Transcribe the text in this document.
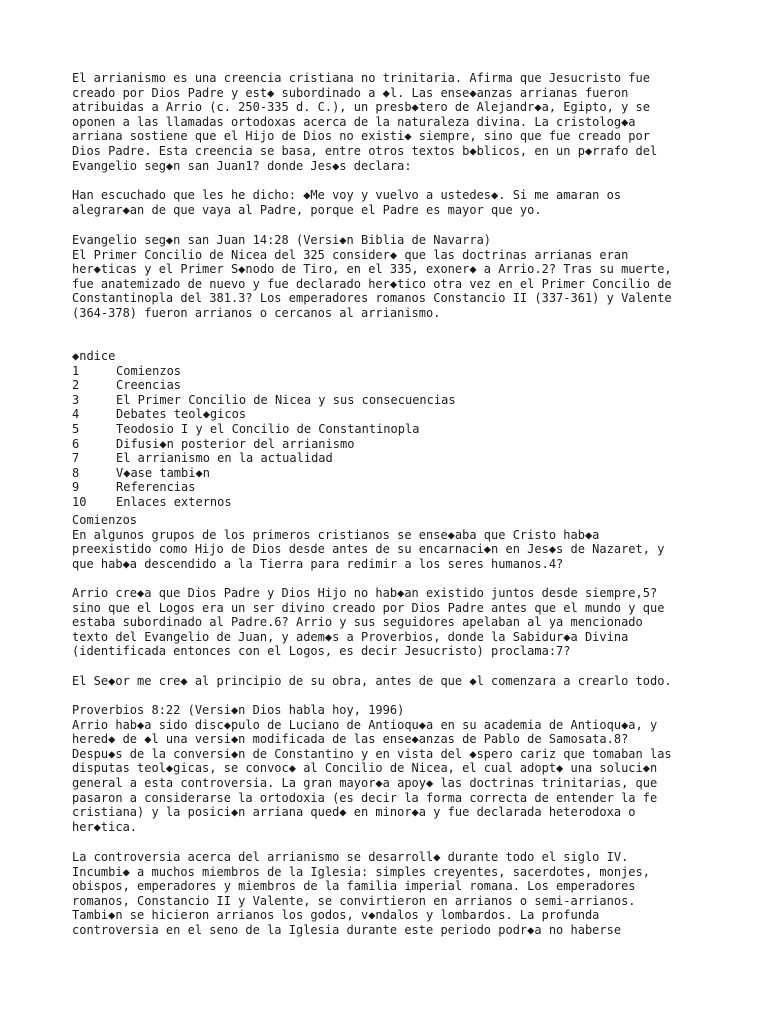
El arrianismo es una creencia cristiana no trinitaria. Afirma que Jesucristo fue
creado por Dios Padre y est◆ subordinado a ◆l. Las ense◆anzas arrianas fueron
atribuidas a Arrio (c. 250-335 d. C.), un presb◆tero de Alejandr◆a, Egipto, y se
oponen a las llamadas ortodoxas acerca de la naturaleza divina. La cristolog◆a
arriana sostiene que el Hijo de Dios no existi◆ siempre, sino que fue creado por
Dios Padre. Esta creencia se basa, entre otros textos b◆blicos, en un p◆rrafo del
Evangelio seg◆n san Juan1? donde Jes◆s declara:
Han escuchado que les he dicho: ◆Me voy y vuelvo a ustedes◆. Si me amaran os
alegrar◆an de que vaya al Padre, porque el Padre es mayor que yo.
Evangelio seg◆n san Juan 14:28 (Versi◆n Biblia de Navarra)
El Primer Concilio de Nicea del 325 consider◆ que las doctrinas arrianas eran
her◆ticas y el Primer S◆nodo de Tiro, en el 335, exoner◆ a Arrio.2? Tras su muerte,
fue anatemizado de nuevo y fue declarado her◆tico otra vez en el Primer Concilio de
Constantinopla del 381.3? Los emperadores romanos Constancio II (337-361) y Valente
(364-378) fueron arrianos o cercanos al arrianismo.
◆ndice
1	Comienzos
2	Creencias
3	El Primer Concilio de Nicea y sus consecuencias
4	Debates teol◆gicos
5	Teodosio I y el Concilio de Constantinopla
6	Difusi◆n posterior del arrianismo
7	El arrianismo en la actualidad
8	V◆ase tambi◆n
9	Referencias
10 Enlaces externos
Comienzos
En algunos grupos de los primeros cristianos se ense◆aba que Cristo hab◆a
preexistido como Hijo de Dios desde antes de su encarnaci◆n en Jes◆s de Nazaret, y
que hab◆a descendido a la Tierra para redimir a los seres humanos.4?
Arrio cre◆a que Dios Padre y Dios Hijo no hab◆an existido juntos desde siempre,5?
sino que el Logos era un ser divino creado por Dios Padre antes que el mundo y que
estaba subordinado al Padre.6? Arrio y sus seguidores apelaban al ya mencionado
texto del Evangelio de Juan, y adem◆s a Proverbios, donde la Sabidur◆a Divina
(identificada entonces con el Logos, es decir Jesucristo) proclama:7?
El Se◆or me cre◆ al principio de su obra, antes de que ◆l comenzara a crearlo todo.
Proverbios 8:22 (Versi◆n Dios habla hoy, 1996)
Arrio hab◆a sido disc◆pulo de Luciano de Antioqu◆a en su academia de Antioqu◆a, y
hered◆ de ◆l una versi◆n modificada de las ense◆anzas de Pablo de Samosata.8?
Despu◆s de la conversi◆n de Constantino y en vista del ◆spero cariz que tomaban las
disputas teol◆gicas, se convoc◆ al Concilio de Nicea, el cual adopt◆ una soluci◆n
general a esta controversia. La gran mayor◆a apoy◆ las doctrinas trinitarias, que
pasaron a considerarse la ortodoxia (es decir la forma correcta de entender la fe
cristiana) y la posici◆n arriana qued◆ en minor◆a y fue declarada heterodoxa o
her◆tica.
La controversia acerca del arrianismo se desarroll◆ durante todo el siglo IV.
Incumbi◆ a muchos miembros de la Iglesia: simples creyentes, sacerdotes, monjes,
obispos, emperadores y miembros de la familia imperial romana. Los emperadores
romanos, Constancio II y Valente, se convirtieron en arrianos o semi-arrianos.
Tambi◆n se hicieron arrianos los godos, v◆ndalos y lombardos. La profunda
controversia en el seno de la Iglesia durante este periodo podr◆a no haberse
